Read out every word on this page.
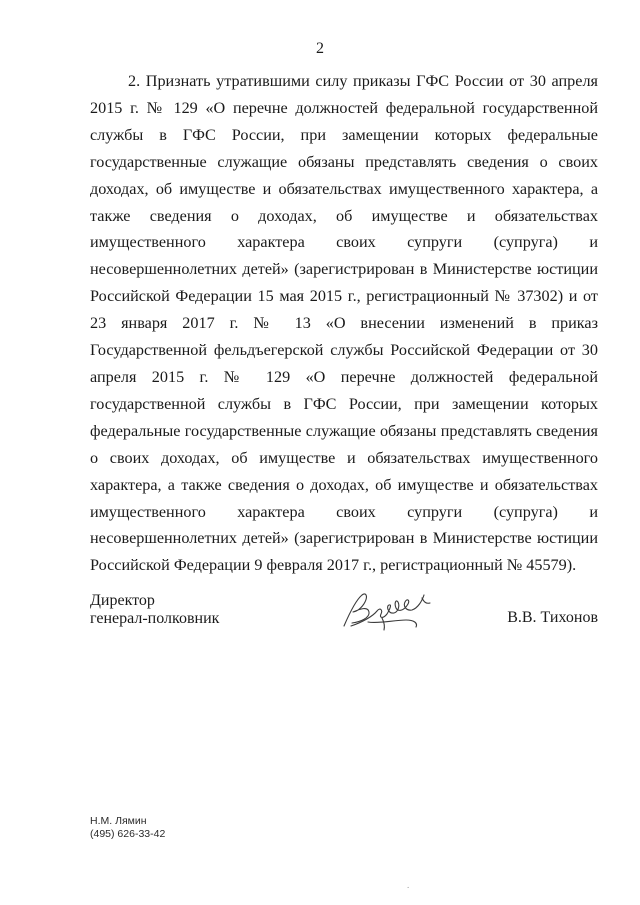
2

2. Признать утратившими силу приказы ГФС России от 30 апреля 2015 г. № 129 «О перечне должностей федеральной государственной службы в ГФС России, при замещении которых федеральные государственные служащие обязаны представлять сведения о своих доходах, об имуществе и обязательствах имущественного характера, а также сведения о доходах, об имуществе и обязательствах имущественного характера своих супруги (супруга) и несовершеннолетних детей» (зарегистрирован в Министерстве юстиции Российской Федерации 15 мая 2015 г., регистрационный № 37302) и от 23 января 2017 г. № 13 «О внесении изменений в приказ Государственной фельдъегерской службы Российской Федерации от 30 апреля 2015 г. № 129 «О перечне должностей федеральной государственной службы в ГФС России, при замещении которых федеральные государственные служащие обязаны представлять сведения о своих доходах, об имуществе и обязательствах имущественного характера, а также сведения о доходах, об имуществе и обязательствах имущественного характера своих супруги (супруга) и несовершеннолетних детей» (зарегистрирован в Министерстве юстиции Российской Федерации 9 февраля 2017 г., регистрационный № 45579).

Директор
генерал-полковник	В.В. Тихонов
Н.М. Лямин
(495) 626-33-42
.
